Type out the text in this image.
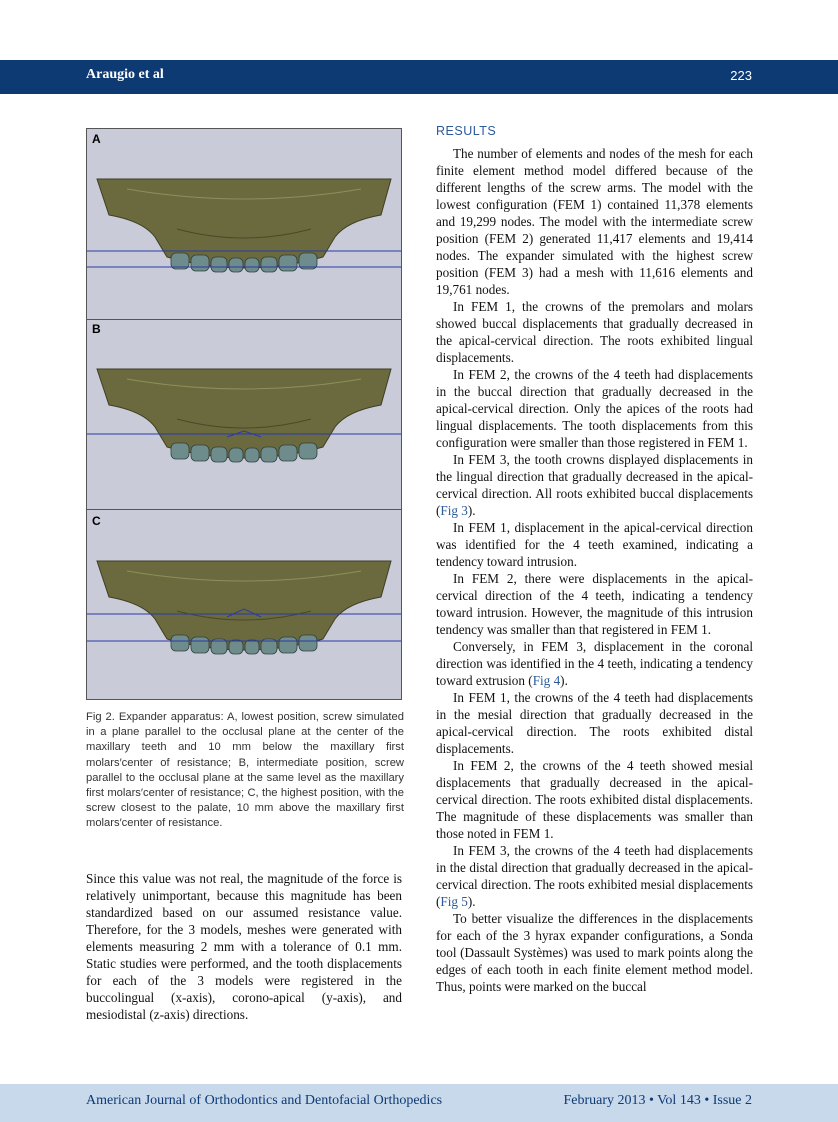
Araugio et al	223
A
B
C
Fig 2. Expander apparatus: A, lowest position, screw simulated in a plane parallel to the occlusal plane at the center of the maxillary teeth and 10 mm below the maxillary first molars′center of resistance; B, intermediate position, screw parallel to the occlusal plane at the same level as the maxillary first molars′center of resistance; C, the highest position, with the screw closest to the palate, 10 mm above the maxillary first molars′center of resistance.

Since this value was not real, the magnitude of the force is relatively unimportant, because this magnitude has been standardized based on our assumed resistance value. Therefore, for the 3 models, meshes were generated with elements measuring 2 mm with a tolerance of 0.1 mm. Static studies were performed, and the tooth displacements for each of the 3 models were registered in the buccolingual (x-axis), corono-apical (y-axis), and mesiodistal (z-axis) directions.

RESULTS

The number of elements and nodes of the mesh for each finite element method model differed because of the different lengths of the screw arms. The model with the lowest configuration (FEM 1) contained 11,378 elements and 19,299 nodes. The model with the intermediate screw position (FEM 2) generated 11,417 elements and 19,414 nodes. The expander simulated with the highest screw position (FEM 3) had a mesh with 11,616 elements and 19,761 nodes.

In FEM 1, the crowns of the premolars and molars showed buccal displacements that gradually decreased in the apical-cervical direction. The roots exhibited lingual displacements.

In FEM 2, the crowns of the 4 teeth had displacements in the buccal direction that gradually decreased in the apical-cervical direction. Only the apices of the roots had lingual displacements. The tooth displacements from this configuration were smaller than those registered in FEM 1.

In FEM 3, the tooth crowns displayed displacements in the lingual direction that gradually decreased in the apical-cervical direction. All roots exhibited buccal displacements (Fig 3).

In FEM 1, displacement in the apical-cervical direction was identified for the 4 teeth examined, indicating a tendency toward intrusion.

In FEM 2, there were displacements in the apical-cervical direction of the 4 teeth, indicating a tendency toward intrusion. However, the magnitude of this intrusion tendency was smaller than that registered in FEM 1.

Conversely, in FEM 3, displacement in the coronal direction was identified in the 4 teeth, indicating a tendency toward extrusion (Fig 4).

In FEM 1, the crowns of the 4 teeth had displacements in the mesial direction that gradually decreased in the apical-cervical direction. The roots exhibited distal displacements.

In FEM 2, the crowns of the 4 teeth showed mesial displacements that gradually decreased in the apical-cervical direction. The roots exhibited distal displacements. The magnitude of these displacements was smaller than those noted in FEM 1.

In FEM 3, the crowns of the 4 teeth had displacements in the distal direction that gradually decreased in the apical-cervical direction. The roots exhibited mesial displacements (Fig 5).

To better visualize the differences in the displacements for each of the 3 hyrax expander configurations, a Sonda tool (Dassault Systèmes) was used to mark points along the edges of each tooth in each finite element method model. Thus, points were marked on the buccal

American Journal of Orthodontics and Dentofacial Orthopedics	February 2013 • Vol 143 • Issue 2
